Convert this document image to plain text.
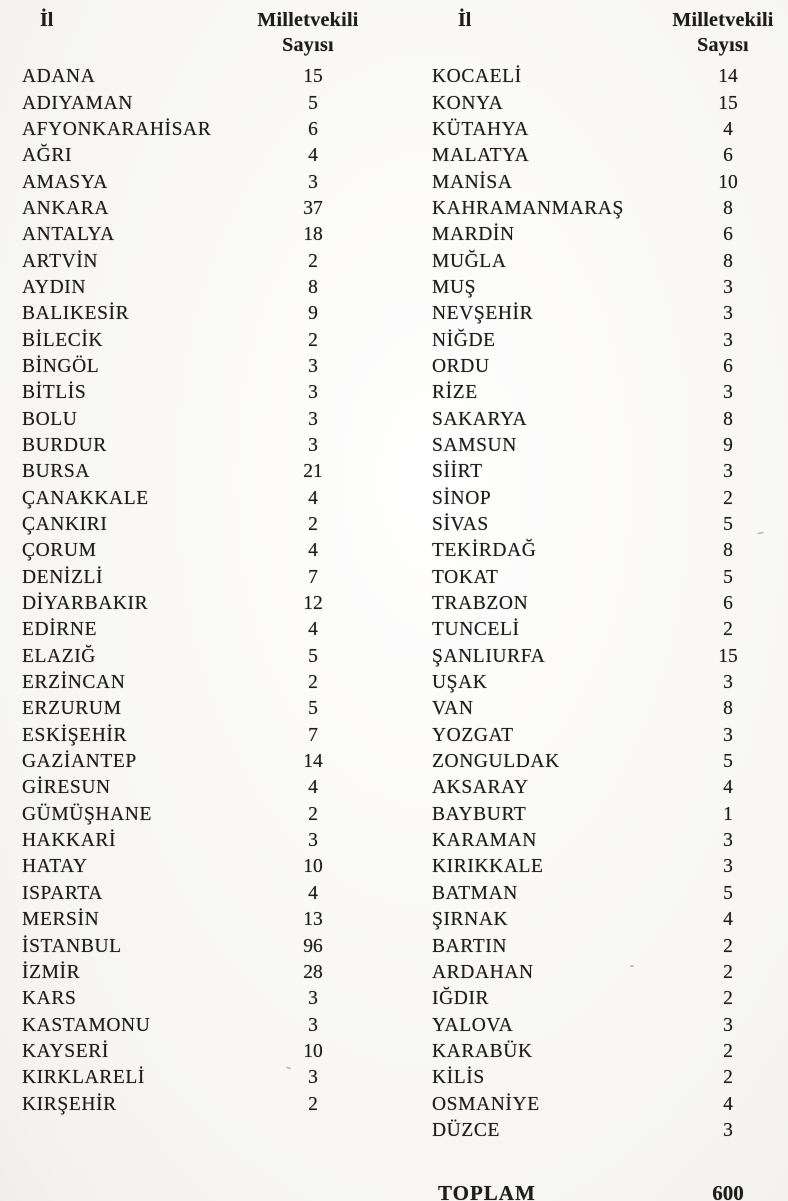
İl	Milletvekili
Sayısı
ADANA	15
ADIYAMAN	5
AFYONKARAHİSAR	6
AĞRI	4
AMASYA	3
ANKARA	37
ANTALYA	18
ARTVİN	2
AYDIN	8
BALIKESİR	9
BİLECİK	2
BİNGÖL	3
BİTLİS	3
BOLU	3
BURDUR	3
BURSA	21
ÇANAKKALE	4
ÇANKIRI	2
ÇORUM	4
DENİZLİ	7
DİYARBAKIR	12
EDİRNE	4
ELAZIĞ	5
ERZİNCAN	2
ERZURUM	5
ESKİŞEHİR	7
GAZİANTEP	14
GİRESUN	4
GÜMÜŞHANE	2
HAKKARİ	3
HATAY	10
ISPARTA	4
MERSİN	13
İSTANBUL	96
İZMİR	28
KARS	3
KASTAMONU	3
KAYSERİ	10
KIRKLARELİ	3
KIRŞEHİR	2
İl	Milletvekili
Sayısı
KOCAELİ	14
KONYA	15
KÜTAHYA	4
MALATYA	6
MANİSA	10
KAHRAMANMARAŞ	8
MARDİN	6
MUĞLA	8
MUŞ	3
NEVŞEHİR	3
NİĞDE	3
ORDU	6
RİZE	3
SAKARYA	8
SAMSUN	9
SİİRT	3
SİNOP	2
SİVAS	5
TEKİRDAĞ	8
TOKAT	5
TRABZON	6
TUNCELİ	2
ŞANLIURFA	15
UŞAK	3
VAN	8
YOZGAT	3
ZONGULDAK	5
AKSARAY	4
BAYBURT	1
KARAMAN	3
KIRIKKALE	3
BATMAN	5
ŞIRNAK	4
BARTIN	2
ARDAHAN	2
IĞDIR	2
YALOVA	3
KARABÜK	2
KİLİS	2
OSMANİYE	4
DÜZCE	3
TOPLAM	600
